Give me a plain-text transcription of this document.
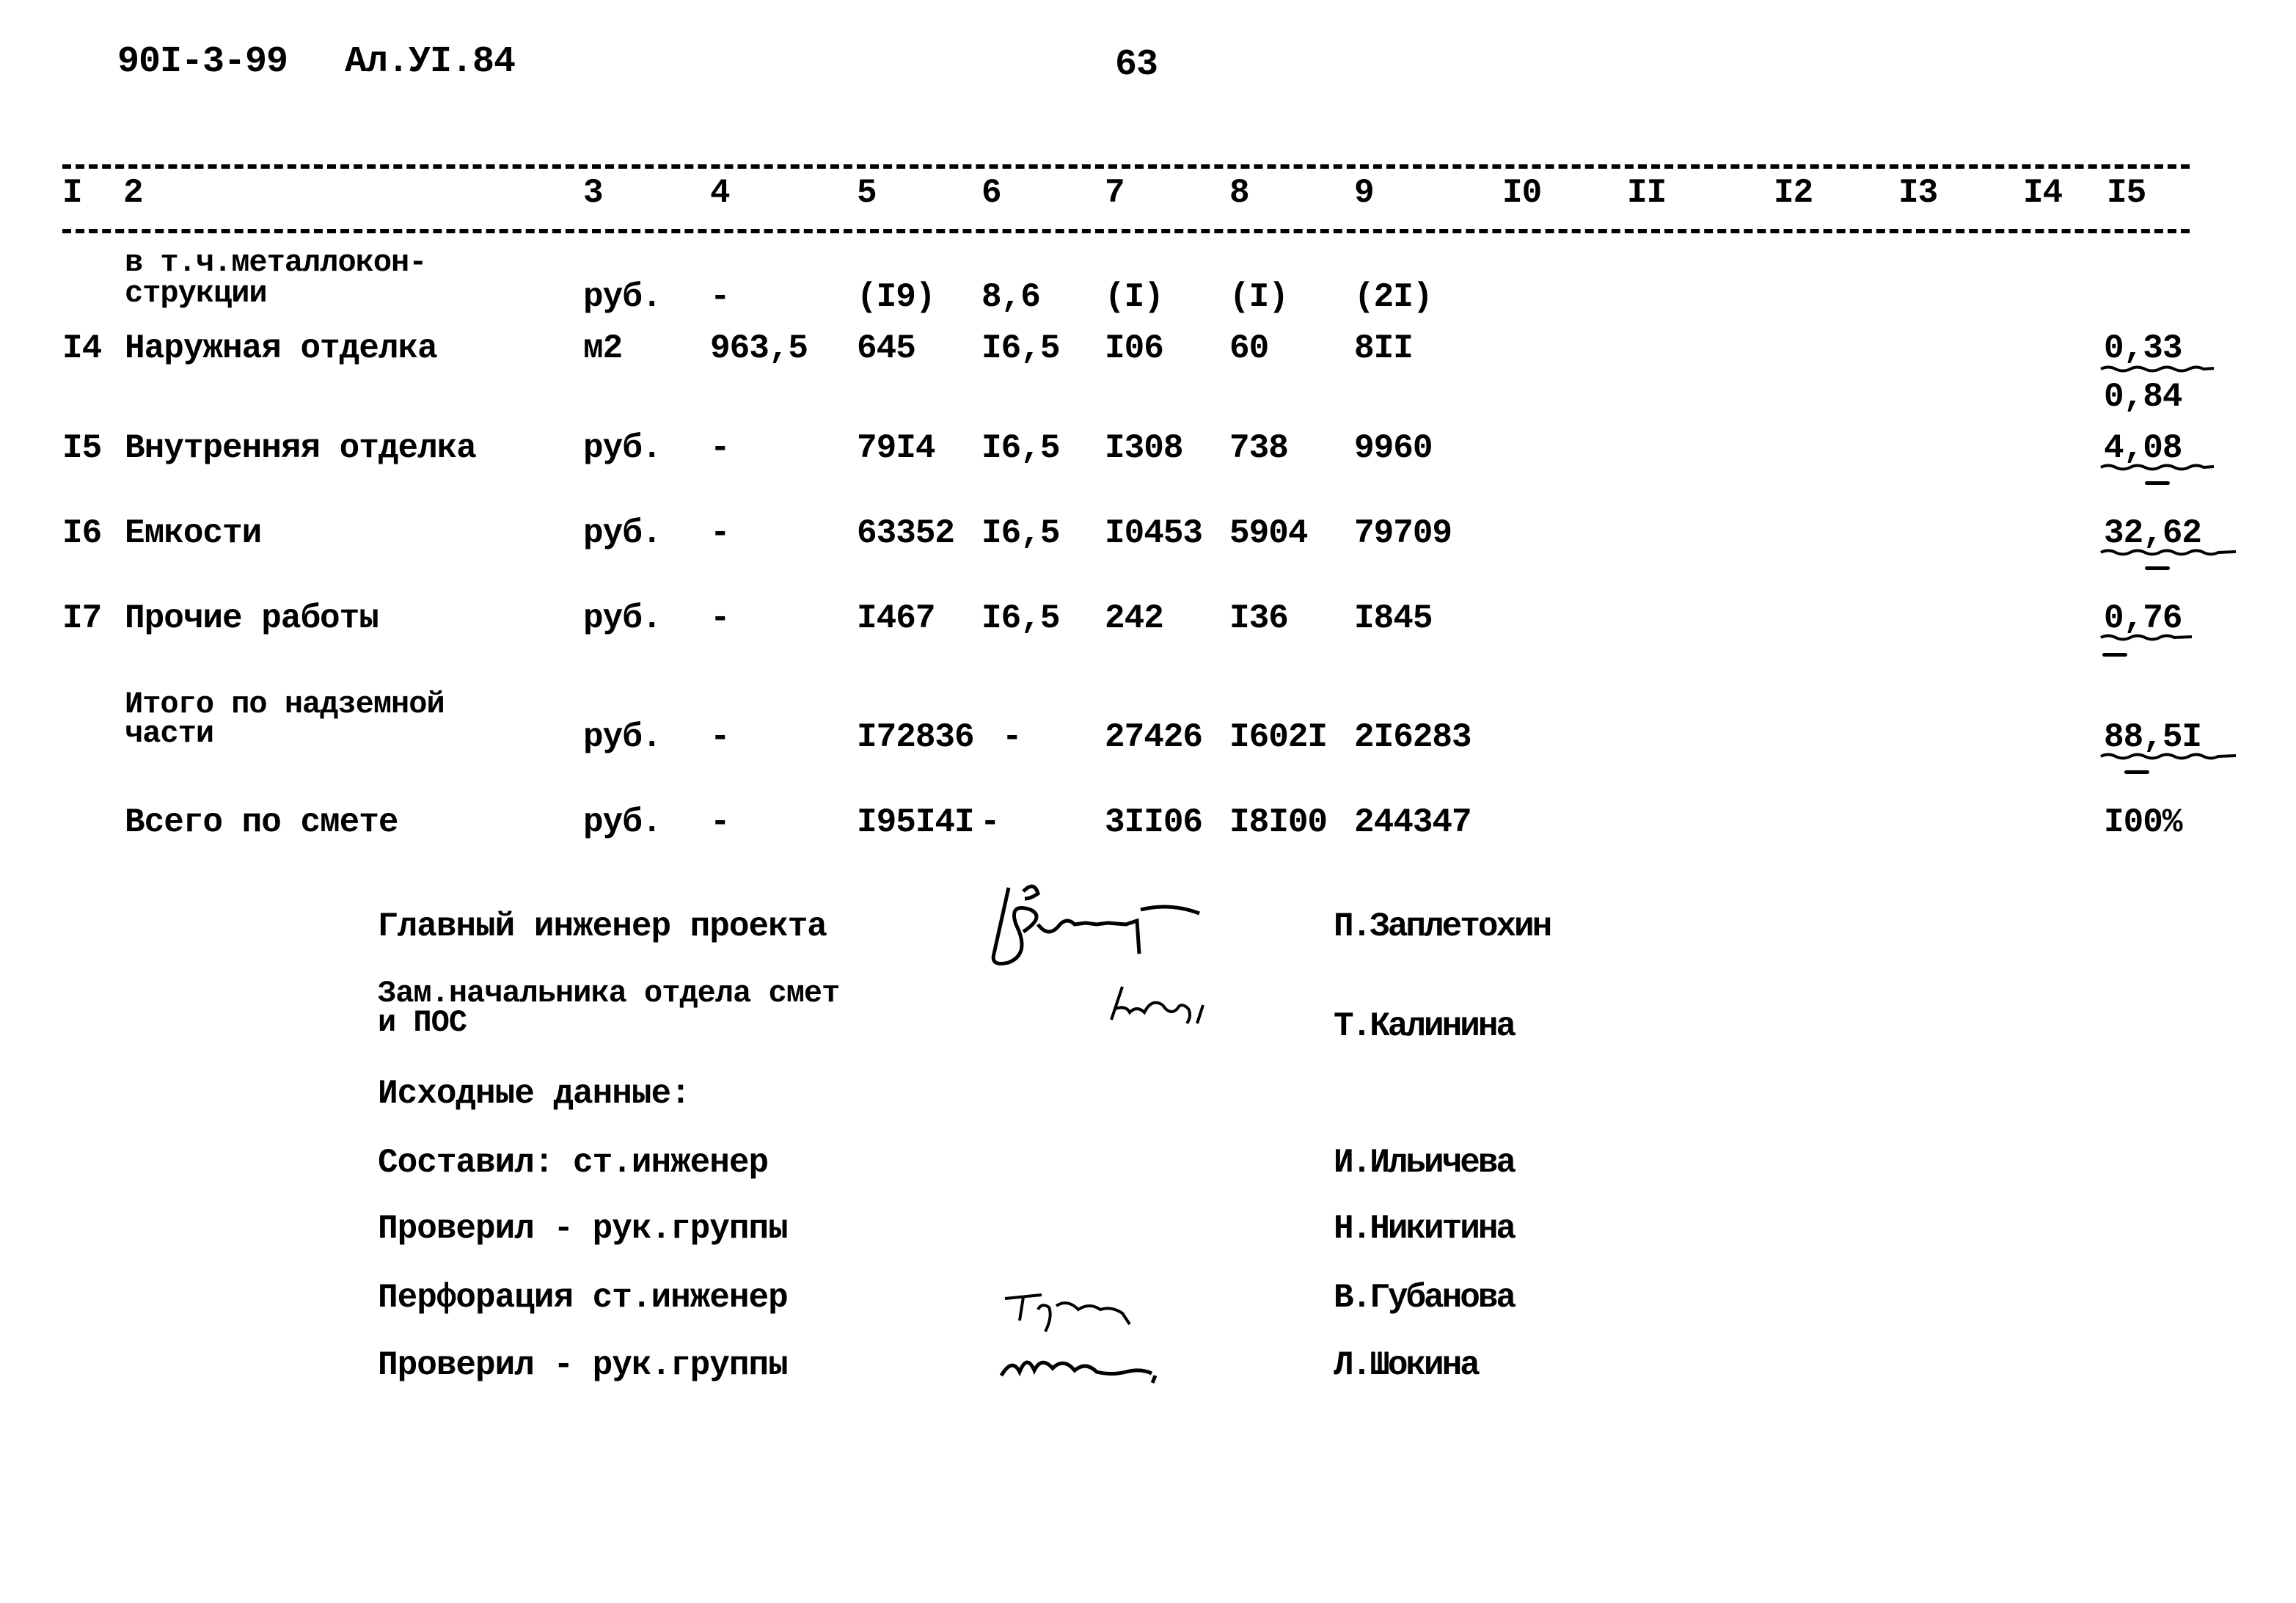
90I-3-99 Ал.УI.84	63
I 2	3	4	5	6	7	8	9	I0	II	I2	I3	I4 I5
в т.ч.металлокон-
струкции	руб. -	(I9) 8,6 (I) (I) (2I)
I4 Наружная отделка	м2	963,5 645 I6,5 I06 60	8II	0,33
0,84
I5 Внутренняя отделка	руб. -	79I4 I6,5 I308 738 9960	4,08
I6 Емкости	руб. -	63352 I6,5 I0453 5904 79709	32,62
I7 Прочие работы	руб. -	I467 I6,5 242 I36 I845	0,76
Итого по надземной
части	руб. -	I72836 - 27426 I602I 2I6283	88,5I
Всего по смете	руб. -	I95I4I -	3II06 I8I00 244347	I00%
Главный инженер проекта	П.Заплетохин
Зам.начальника отдела смет
и ПОС	Т.Калинина
Исходные данные:
Составил: ст.инженер	И.Ильичева
Проверил - рук.группы	Н.Никитина
Перфорация ст.инженер	В.Губанова
Проверил - рук.группы	Л.Шокина
